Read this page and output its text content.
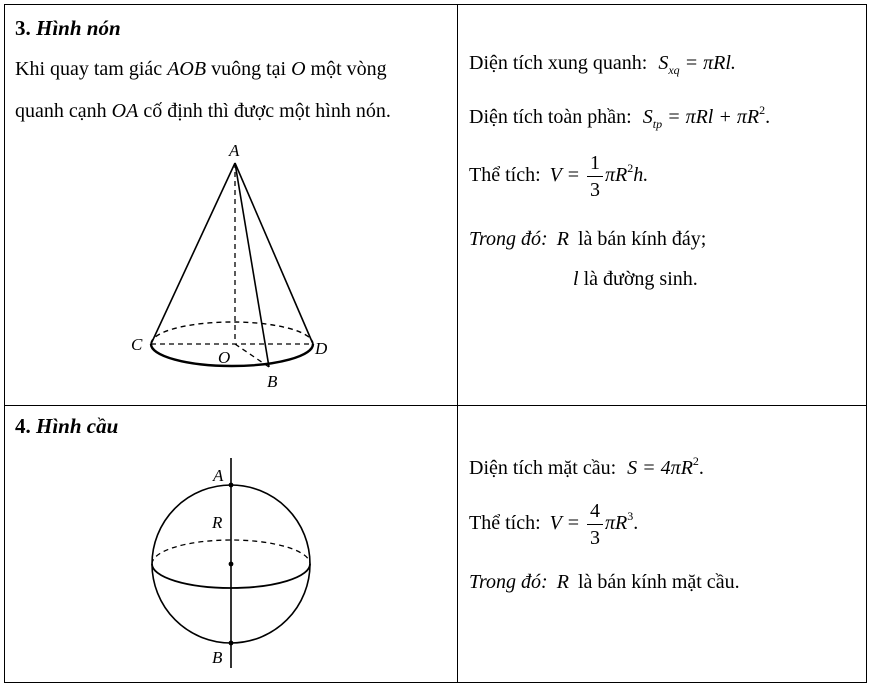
3. Hình nón
Khi quay tam giác AOB vuông tại O một vòng
quanh cạnh OA cố định thì được một hình nón.
A
C
O	D
B
Diện tích xung quanh: $S_{xq} = \pi Rl$.
Diện tích toàn phần: $S_{tp} = \pi Rl + \pi R^2$.
Thể tích: $V = \frac{1}{3} \pi R^2h$.
Trong đó: R là bán kính đáy;
l là đường sinh.
4. Hình cầu
A
R
B
Diện tích mặt cầu: $S = 4\pi R^2$.
Thể tích: $V = \frac{4}{3} \pi R^3$.
Trong đó: R là bán kính mặt cầu.
